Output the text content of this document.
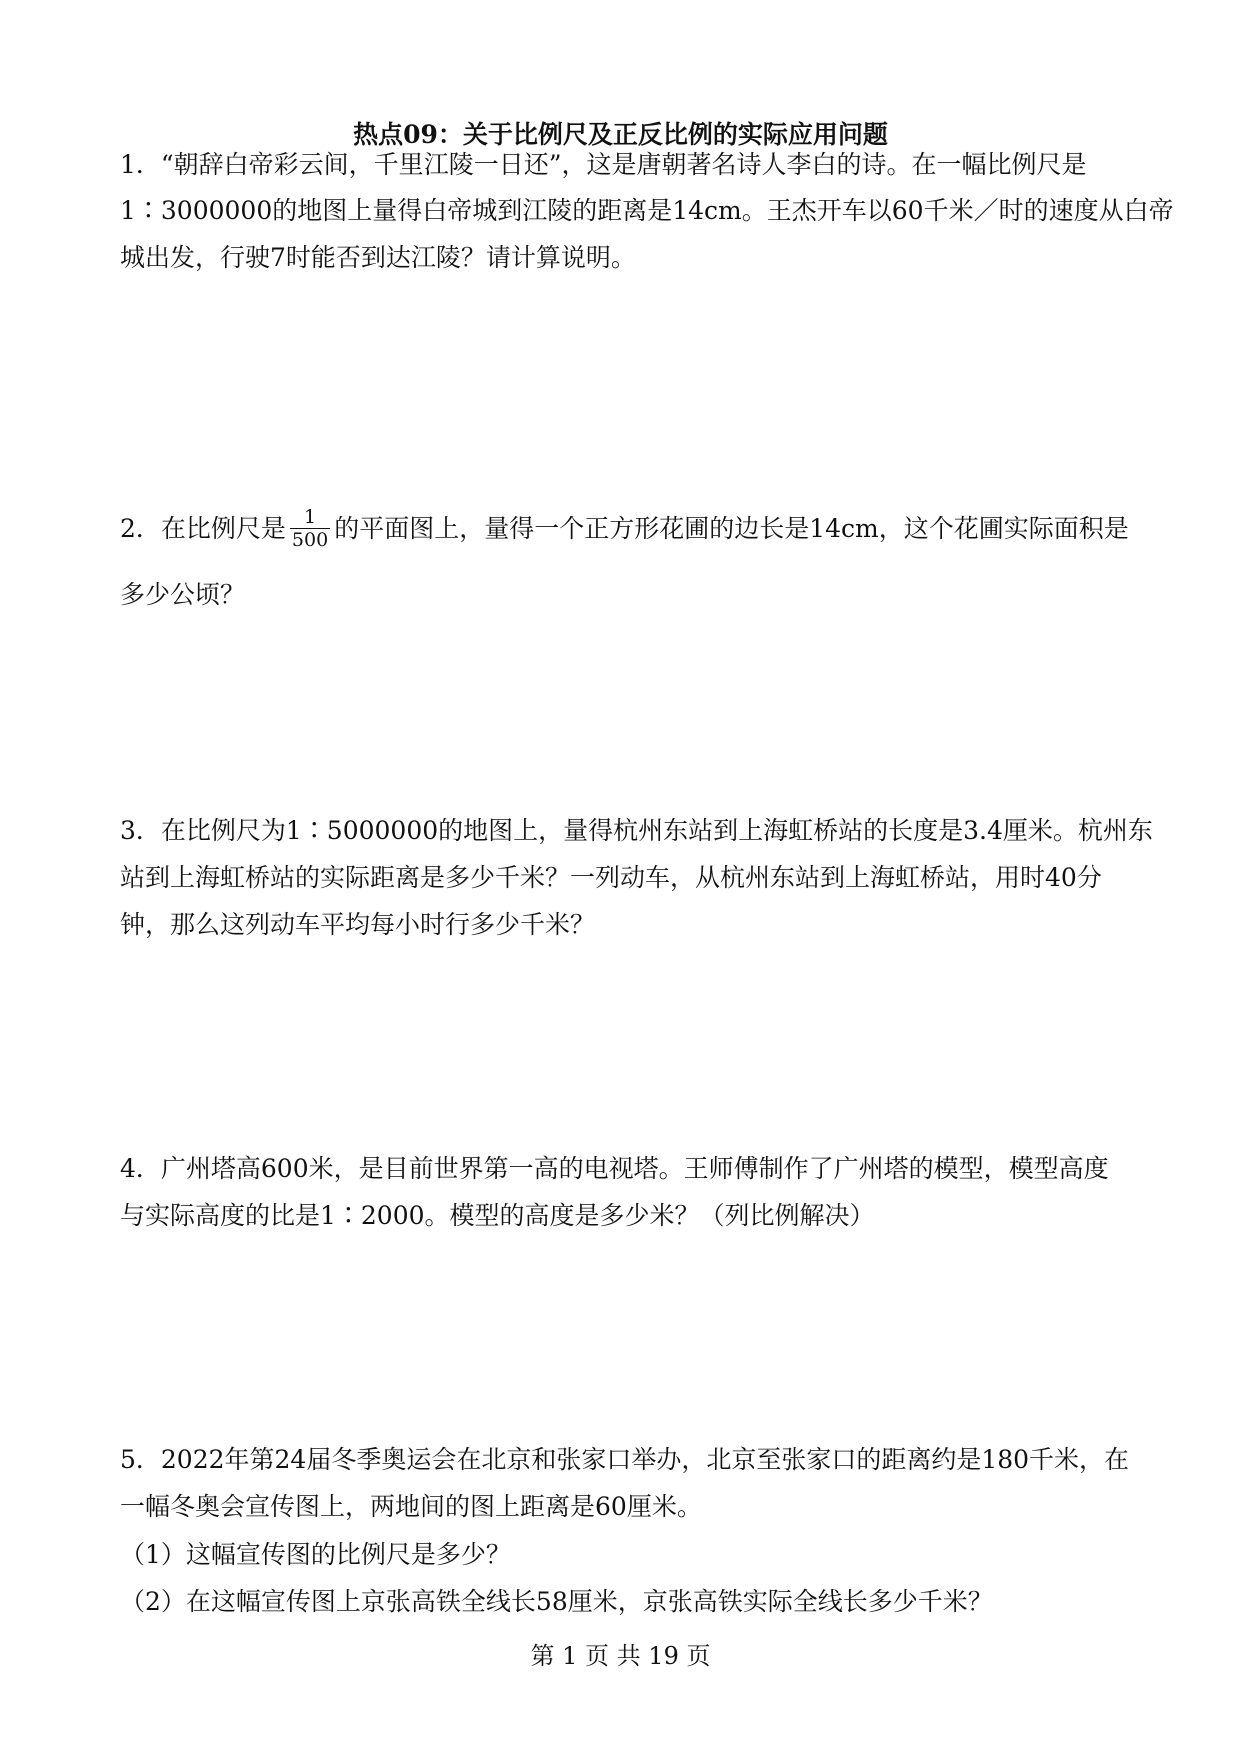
热点09：关于比例尺及正反比例的实际应用问题
1．“朝辞白帝彩云间，千里江陵一日还”，这是唐朝著名诗人李白的诗。在一幅比例尺是
1∶3000000的地图上量得白帝城到江陵的距离是14cm。王杰开车以60千米／时的速度从白帝
城出发，行驶7时能否到达江陵？请计算说明。
2．在比例尺是 $\frac{1}{500}$ 的平面图上，量得一个正方形花圃的边长是14cm，这个花圃实际面积是
多少公顷？
3．在比例尺为1∶5000000的地图上，量得杭州东站到上海虹桥站的长度是3.4厘米。杭州东
站到上海虹桥站的实际距离是多少千米？一列动车，从杭州东站到上海虹桥站，用时40分
钟，那么这列动车平均每小时行多少千米？
4．广州塔高600米，是目前世界第一高的电视塔。王师傅制作了广州塔的模型，模型高度
与实际高度的比是1∶2000。模型的高度是多少米？（列比例解决）
5．2022年第24届冬季奥运会在北京和张家口举办，北京至张家口的距离约是180千米，在
一幅冬奥会宣传图上，两地间的图上距离是60厘米。
（1）这幅宣传图的比例尺是多少？
（2）在这幅宣传图上京张高铁全线长58厘米，京张高铁实际全线长多少千米？
第 1 页 共 19 页
